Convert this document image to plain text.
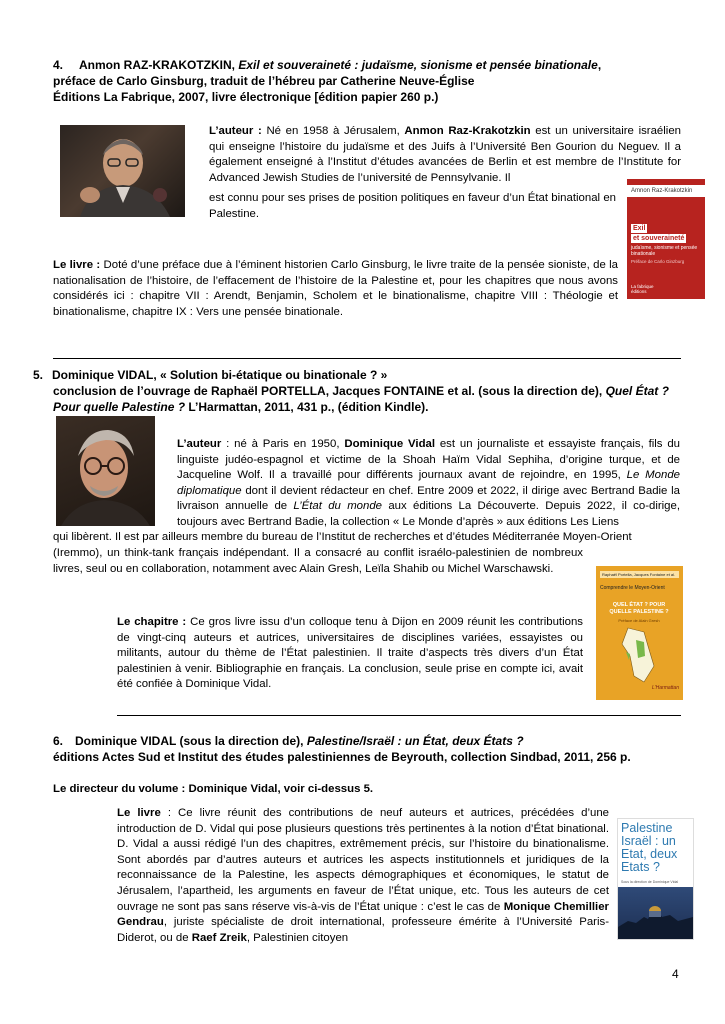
4. Anmon RAZ-KRAKOTZKIN, Exil et souveraineté : judaïsme, sionisme et pensée binationale,
préface de Carlo Ginsburg, traduit de l’hébreu par Catherine Neuve-Église
Éditions La Fabrique, 2007, livre électronique [édition papier 260 p.)
L’auteur : Né en 1958 à Jérusalem, Anmon Raz-Krakotzkin est un universitaire israélien qui enseigne l’histoire du judaïsme et des Juifs à l’Université Ben Gourion du Neguev. Il a également enseigné à l’Institut d’études avancées de Berlin et est membre de l’Institute for Advanced Jewish Studies de l’université de Pennsylvanie. Il
est connu pour ses prises de position politiques en faveur d’un État binational en Palestine.
Amnon Raz-Krakotzkin
Exil et souveraineté
judaïsme, sionisme et pensée binationale
Préface de Carlo Ginzburg
La fabrique éditions
Le livre : Doté d’une préface due à l’éminent historien Carlo Ginsburg, le livre traite de la pensée sioniste, de la nationalisation de l’histoire, de l’effacement de l’histoire de la Palestine et, pour les chapitres que nous avons considérés ici : chapitre VII : Arendt, Benjamin, Scholem et le binationalisme, chapitre VIII : Théologie et binationalisme, chapitre IX : Vers une pensée binationale.
5. Dominique VIDAL, « Solution bi-étatique ou binationale ? »
conclusion de l’ouvrage de Raphaël PORTELLA, Jacques FONTAINE et al. (sous la direction de), Quel État ? Pour quelle Palestine ? L’Harmattan, 2011, 431 p., (édition Kindle).
L’auteur : né à Paris en 1950, Dominique Vidal est un journaliste et essayiste français, fils du linguiste judéo-espagnol et victime de la Shoah Haïm Vidal Sephiha, d’origine turque, et de Jacqueline Wolf. Il a travaillé pour différents journaux avant de rejoindre, en 1995, Le Monde diplomatique dont il devient rédacteur en chef. Entre 2009 et 2022, il dirige avec Bertrand Badie la livraison annuelle de L’État du monde aux éditions La Découverte. Depuis 2022, il co-dirige, toujours avec Bertrand Badie, la collection « Le Monde d’après » aux éditions Les Liens
qui libèrent. Il est par ailleurs membre du bureau de l’Institut de recherches et d’études Méditerranée Moyen-Orient
(Iremmo), un think-tank français indépendant. Il a consacré au conflit israélo-palestinien de nombreux livres, seul ou en collaboration, notamment avec Alain Gresh, Leïla Shahib ou Michel Warschawski.	Raphaël Portella, Jacques Fontaine et al.
Comprendre le Moyen-Orient
QUEL ÉTAT ? POUR QUELLE PALESTINE ?
Préface de Alain Gresh
L’Harmattan
Le chapitre : Ce gros livre issu d’un colloque tenu à Dijon en 2009 réunit les contributions de vingt-cinq auteurs et autrices, universitaires de disciplines variées, essayistes ou militants, autour du thème de l’État palestinien. Il traite d’aspects très divers d’un État palestinien à venir. Bibliographie en français. La conclusion, seule prise en compte ici, avait été confiée à Dominique Vidal.
6. Dominique VIDAL (sous la direction de), Palestine/Israël : un État, deux États ?
éditions Actes Sud et Institut des études palestiniennes de Beyrouth, collection Sindbad, 2011, 256 p.
Le directeur du volume : Dominique Vidal, voir ci-dessus 5.
Le livre : Ce livre réunit des contributions de neuf auteurs et autrices, précédées d’une introduction de D. Vidal qui pose plusieurs questions très pertinentes à la notion d’État binational. D. Vidal a aussi rédigé l’un des chapitres, extrêmement précis, sur l’histoire du binationalisme. Sont abordés par d’autres auteurs et autrices les aspects institutionnels et juridiques de la reconnaissance de la Palestine, les aspects démographiques et économiques, le statut de Jérusalem, l’apartheid, les arguments en faveur de l’État unique, etc. Tous les auteurs de cet ouvrage ne sont pas sans réserve vis-à-vis de l’État unique : c’est le cas de Monique Chemillier Gendrau, juriste spécialiste de droit international, professeure émérite à l’Université Paris-Diderot, ou de Raef Zreik, Palestinien citoyen
Palestine Israël : un Etat, deux Etats ?
Sous la direction de Dominique Vidal
4
